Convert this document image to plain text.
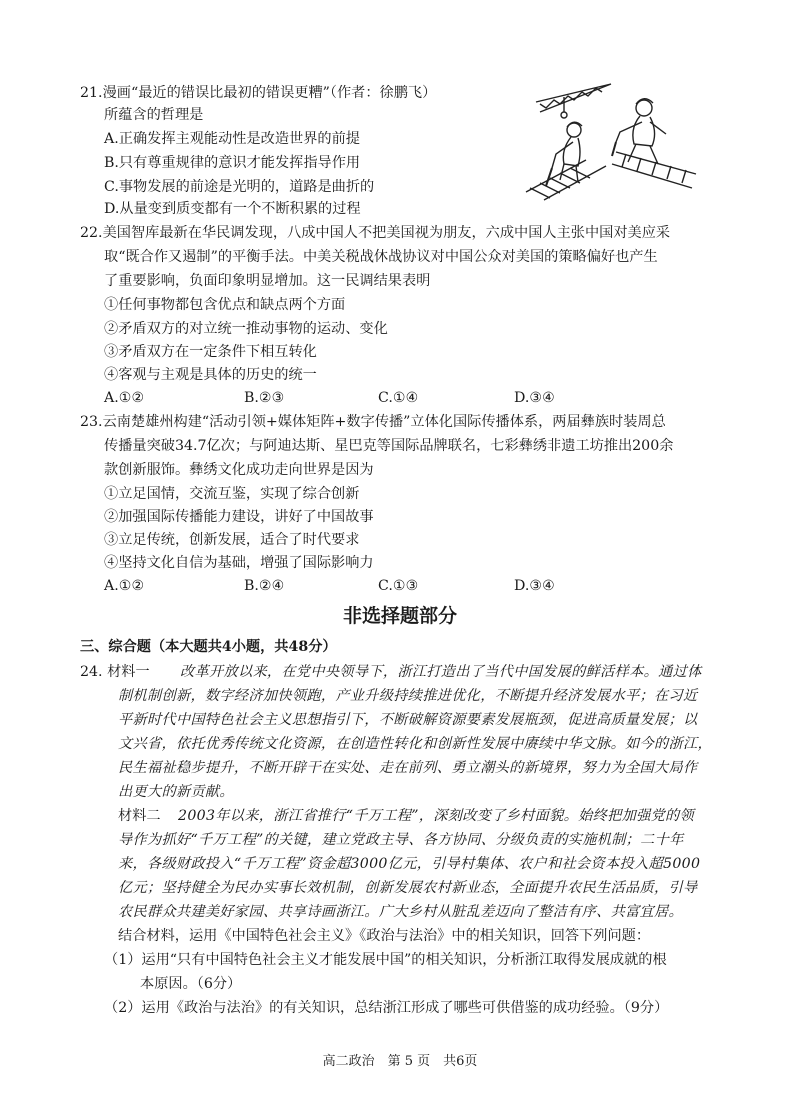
21.漫画“最近的错误比最初的错误更糟”（作者：徐鹏飞）
所蕴含的哲理是
A.正确发挥主观能动性是改造世界的前提
B.只有尊重规律的意识才能发挥指导作用
C.事物发展的前途是光明的，道路是曲折的
D.从量变到质变都有一个不断积累的过程
22.美国智库最新在华民调发现，八成中国人不把美国视为朋友，六成中国人主张中国对美应采
取“既合作又遏制”的平衡手法。中美关税战休战协议对中国公众对美国的策略偏好也产生
了重要影响，负面印象明显增加。这一民调结果表明
①任何事物都包含优点和缺点两个方面
②矛盾双方的对立统一推动事物的运动、变化
③矛盾双方在一定条件下相互转化
④客观与主观是具体的历史的统一
A.①②	B.②③	C.①④	D.③④
23.云南楚雄州构建“活动引领+媒体矩阵+数字传播”立体化国际传播体系，两届彝族时装周总
传播量突破34.7亿次；与阿迪达斯、星巴克等国际品牌联名，七彩彝绣非遗工坊推出200余
款创新服饰。彝绣文化成功走向世界是因为
①立足国情，交流互鉴，实现了综合创新
②加强国际传播能力建设，讲好了中国故事
③立足传统，创新发展，适合了时代要求
④坚持文化自信为基础，增强了国际影响力
A.①②	B.②④	C.①③	D.③④
非选择题部分
三、综合题（本大题共4小题，共48分）
24. 材料一 改革开放以来，在党中央领导下，浙江打造出了当代中国发展的鲜活样本。通过体
制机制创新，数字经济加快领跑，产业升级持续推进优化，不断提升经济发展水平；在习近
平新时代中国特色社会主义思想指引下，不断破解资源要素发展瓶颈，促进高质量发展；以
文兴省，依托优秀传统文化资源，在创造性转化和创新性发展中赓续中华文脉。如今的浙江，
民生福祉稳步提升，不断开辟干在实处、走在前列、勇立潮头的新境界，努力为全国大局作
出更大的新贡献。
材料二 2003年以来，浙江省推行“千万工程”，深刻改变了乡村面貌。始终把加强党的领
导作为抓好“千万工程”的关键，建立党政主导、各方协同、分级负责的实施机制；二十年
来，各级财政投入“千万工程”资金超3000亿元，引导村集体、农户和社会资本投入超5000
亿元；坚持健全为民办实事长效机制，创新发展农村新业态，全面提升农民生活品质，引导
农民群众共建美好家园、共享诗画浙江。广大乡村从脏乱差迈向了整洁有序、共富宜居。
结合材料，运用《中国特色社会主义》《政治与法治》中的相关知识，回答下列问题：
（1）运用“只有中国特色社会主义才能发展中国”的相关知识，分析浙江取得发展成就的根
本原因。（6分）
（2）运用《政治与法治》的有关知识，总结浙江形成了哪些可供借鉴的成功经验。（9分）
高二政治　第 5 页　共6页
